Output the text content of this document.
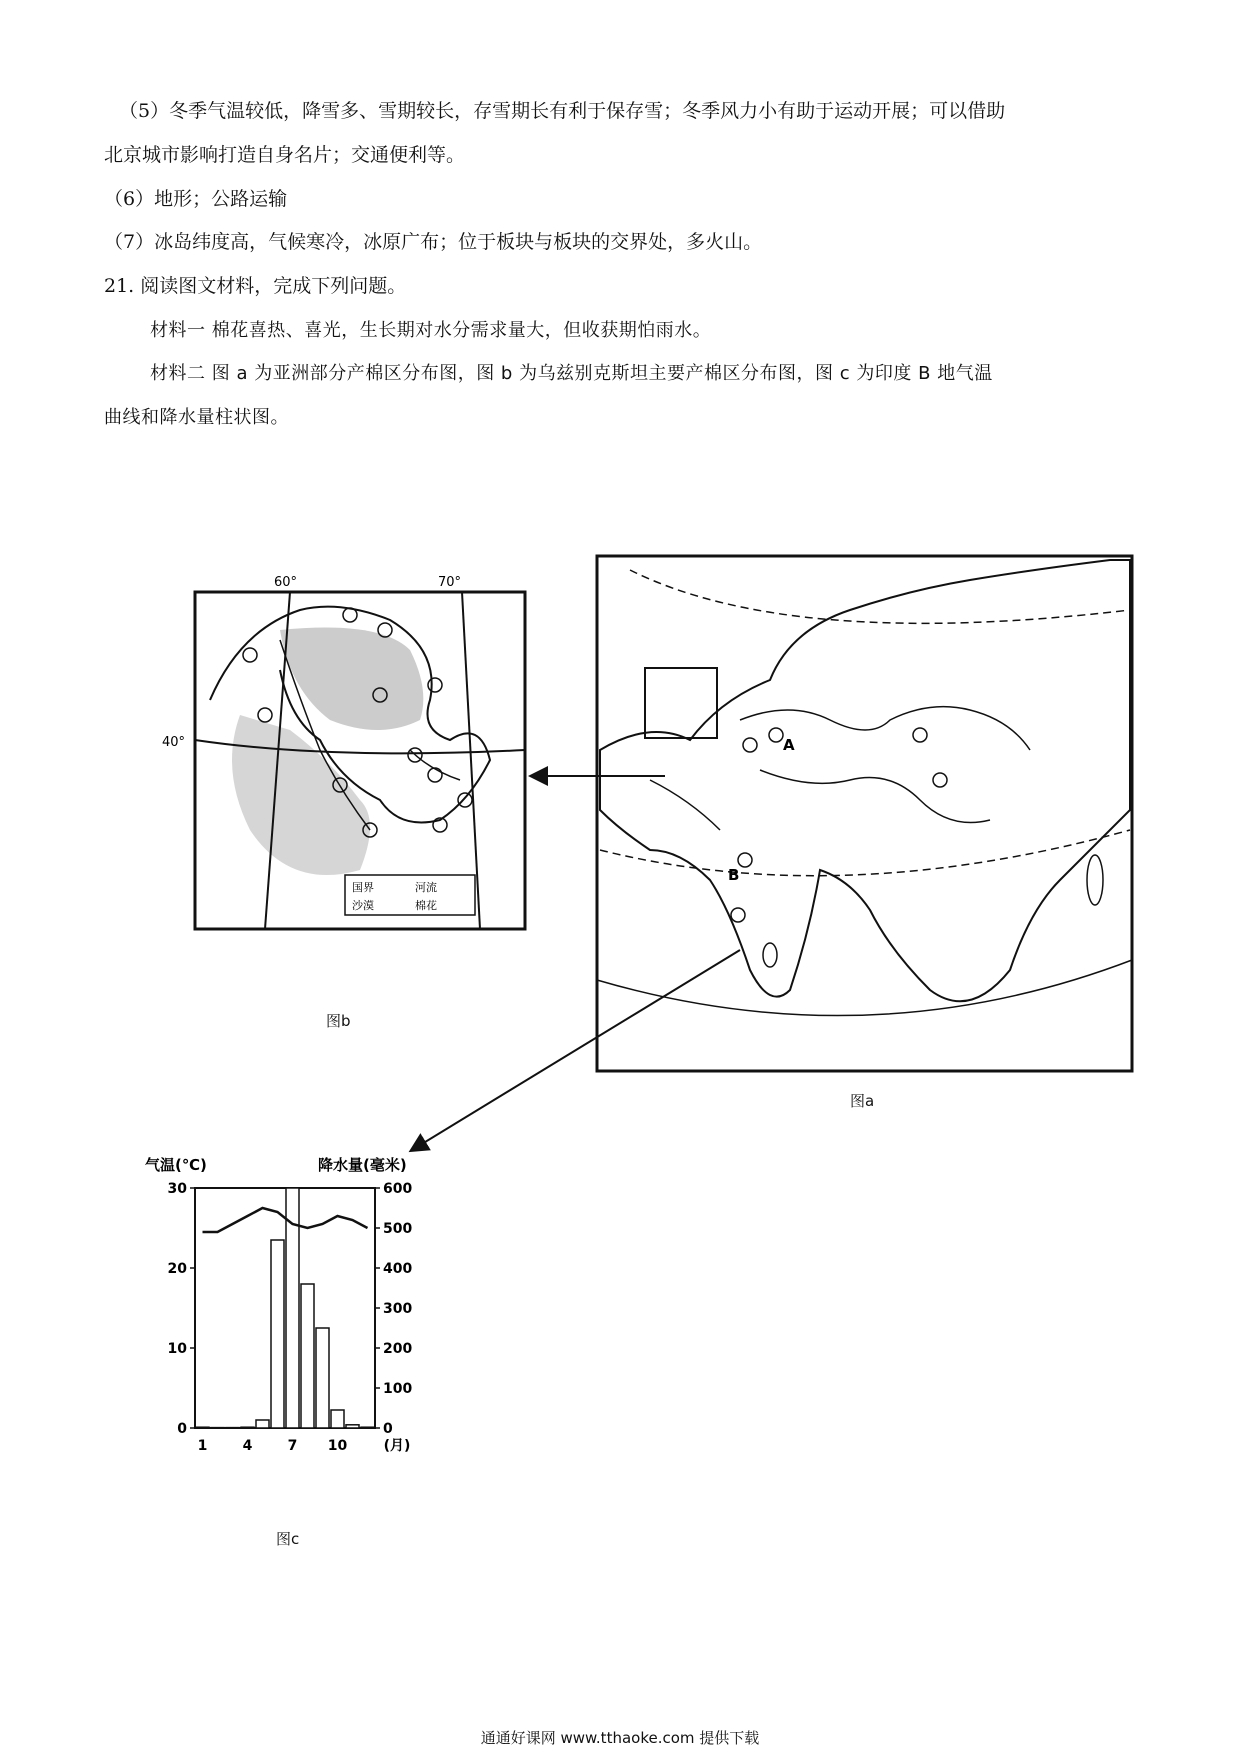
（5）冬季气温较低，降雪多、雪期较长，存雪期长有利于保存雪；冬季风力小有助于运动开展；可以借助
北京城市影响打造自身名片；交通便利等。
（6）地形；公路运输
（7）冰岛纬度高，气候寒冷，冰原广布；位于板块与板块的交界处，多火山。
21. 阅读图文材料，完成下列问题。
材料一 棉花喜热、喜光，生长期对水分需求量大，但收获期怕雨水。
材料二 图 a 为亚洲部分产棉区分布图，图 b 为乌兹别克斯坦主要产棉区分布图，图 c 为印度 B 地气温
曲线和降水量柱状图。
60°	70°
40°
国界	河流
沙漠	棉花
图b
A
B
图a
气温(℃)	降水量(毫米)
0
10
20
30
0
100
200
300
400
500
600
1	4	7 10	(月)
图c
通通好课网 www.tthaoke.com 提供下载
